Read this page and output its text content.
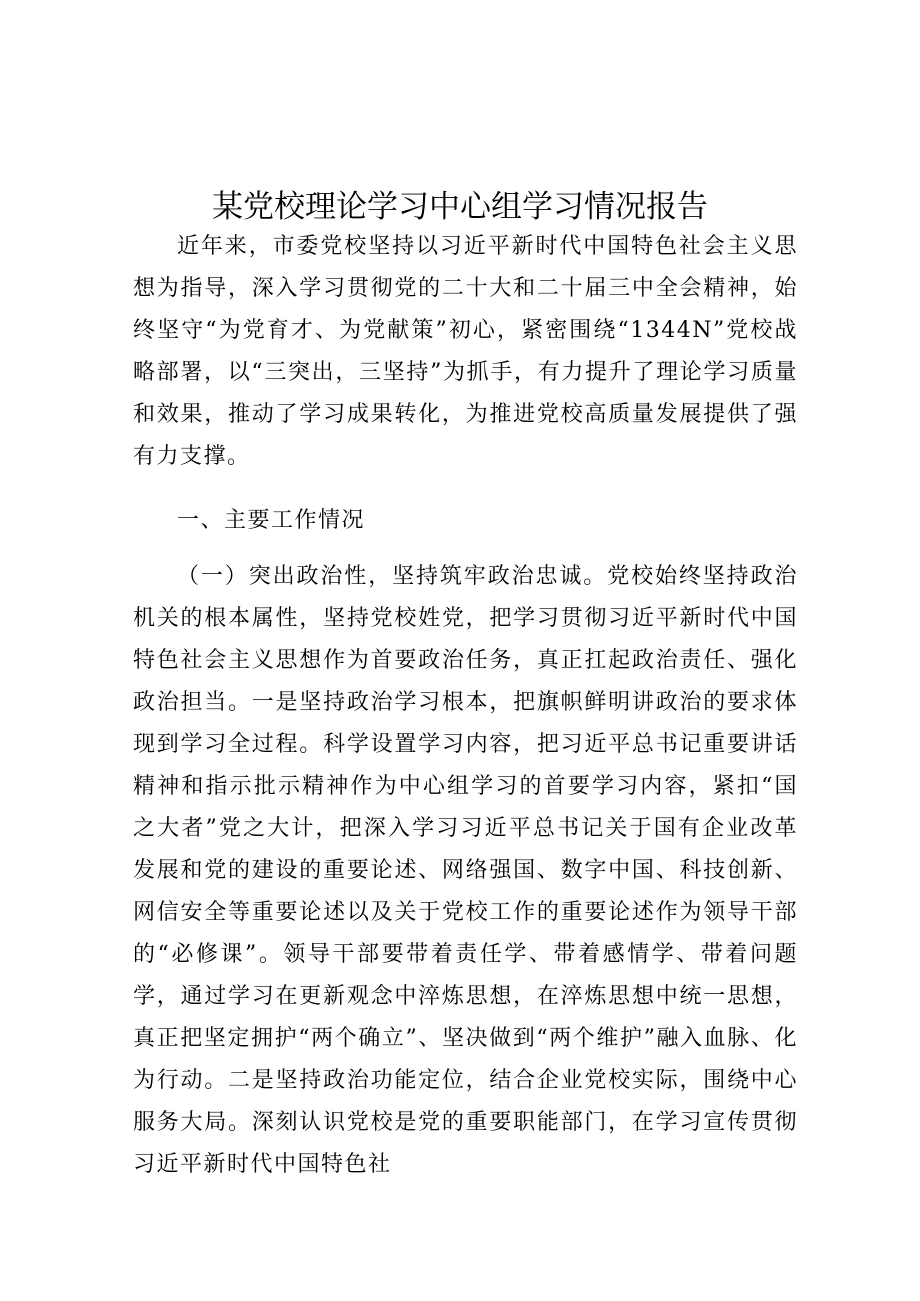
某党校理论学习中心组学习情况报告

近年来，市委党校坚持以习近平新时代中国特色社会主义思想为指导，深入学习贯彻党的二十大和二十届三中全会精神，始终坚守“为党育才、为党献策”初心，紧密围绕“1344N”党校战略部署，以“三突出，三坚持”为抓手，有力提升了理论学习质量和效果，推动了学习成果转化，为推进党校高质量发展提供了强有力支撑。

一、主要工作情况

（一）突出政治性，坚持筑牢政治忠诚。党校始终坚持政治机关的根本属性，坚持党校姓党，把学习贯彻习近平新时代中国特色社会主义思想作为首要政治任务，真正扛起政治责任、强化政治担当。一是坚持政治学习根本，把旗帜鲜明讲政治的要求体现到学习全过程。科学设置学习内容，把习近平总书记重要讲话精神和指示批示精神作为中心组学习的首要学习内容，紧扣“国之大者”党之大计，把深入学习习近平总书记关于国有企业改革发展和党的建设的重要论述、网络强国、数字中国、科技创新、网信安全等重要论述以及关于党校工作的重要论述作为领导干部的“必修课”。领导干部要带着责任学、带着感情学、带着问题学，通过学习在更新观念中淬炼思想，在淬炼思想中统一思想，真正把坚定拥护“两个确立”、坚决做到“两个维护”融入血脉、化为行动。二是坚持政治功能定位，结合企业党校实际，围绕中心服务大局。深刻认识党校是党的重要职能部门，在学习宣传贯彻习近平新时代中国特色社
